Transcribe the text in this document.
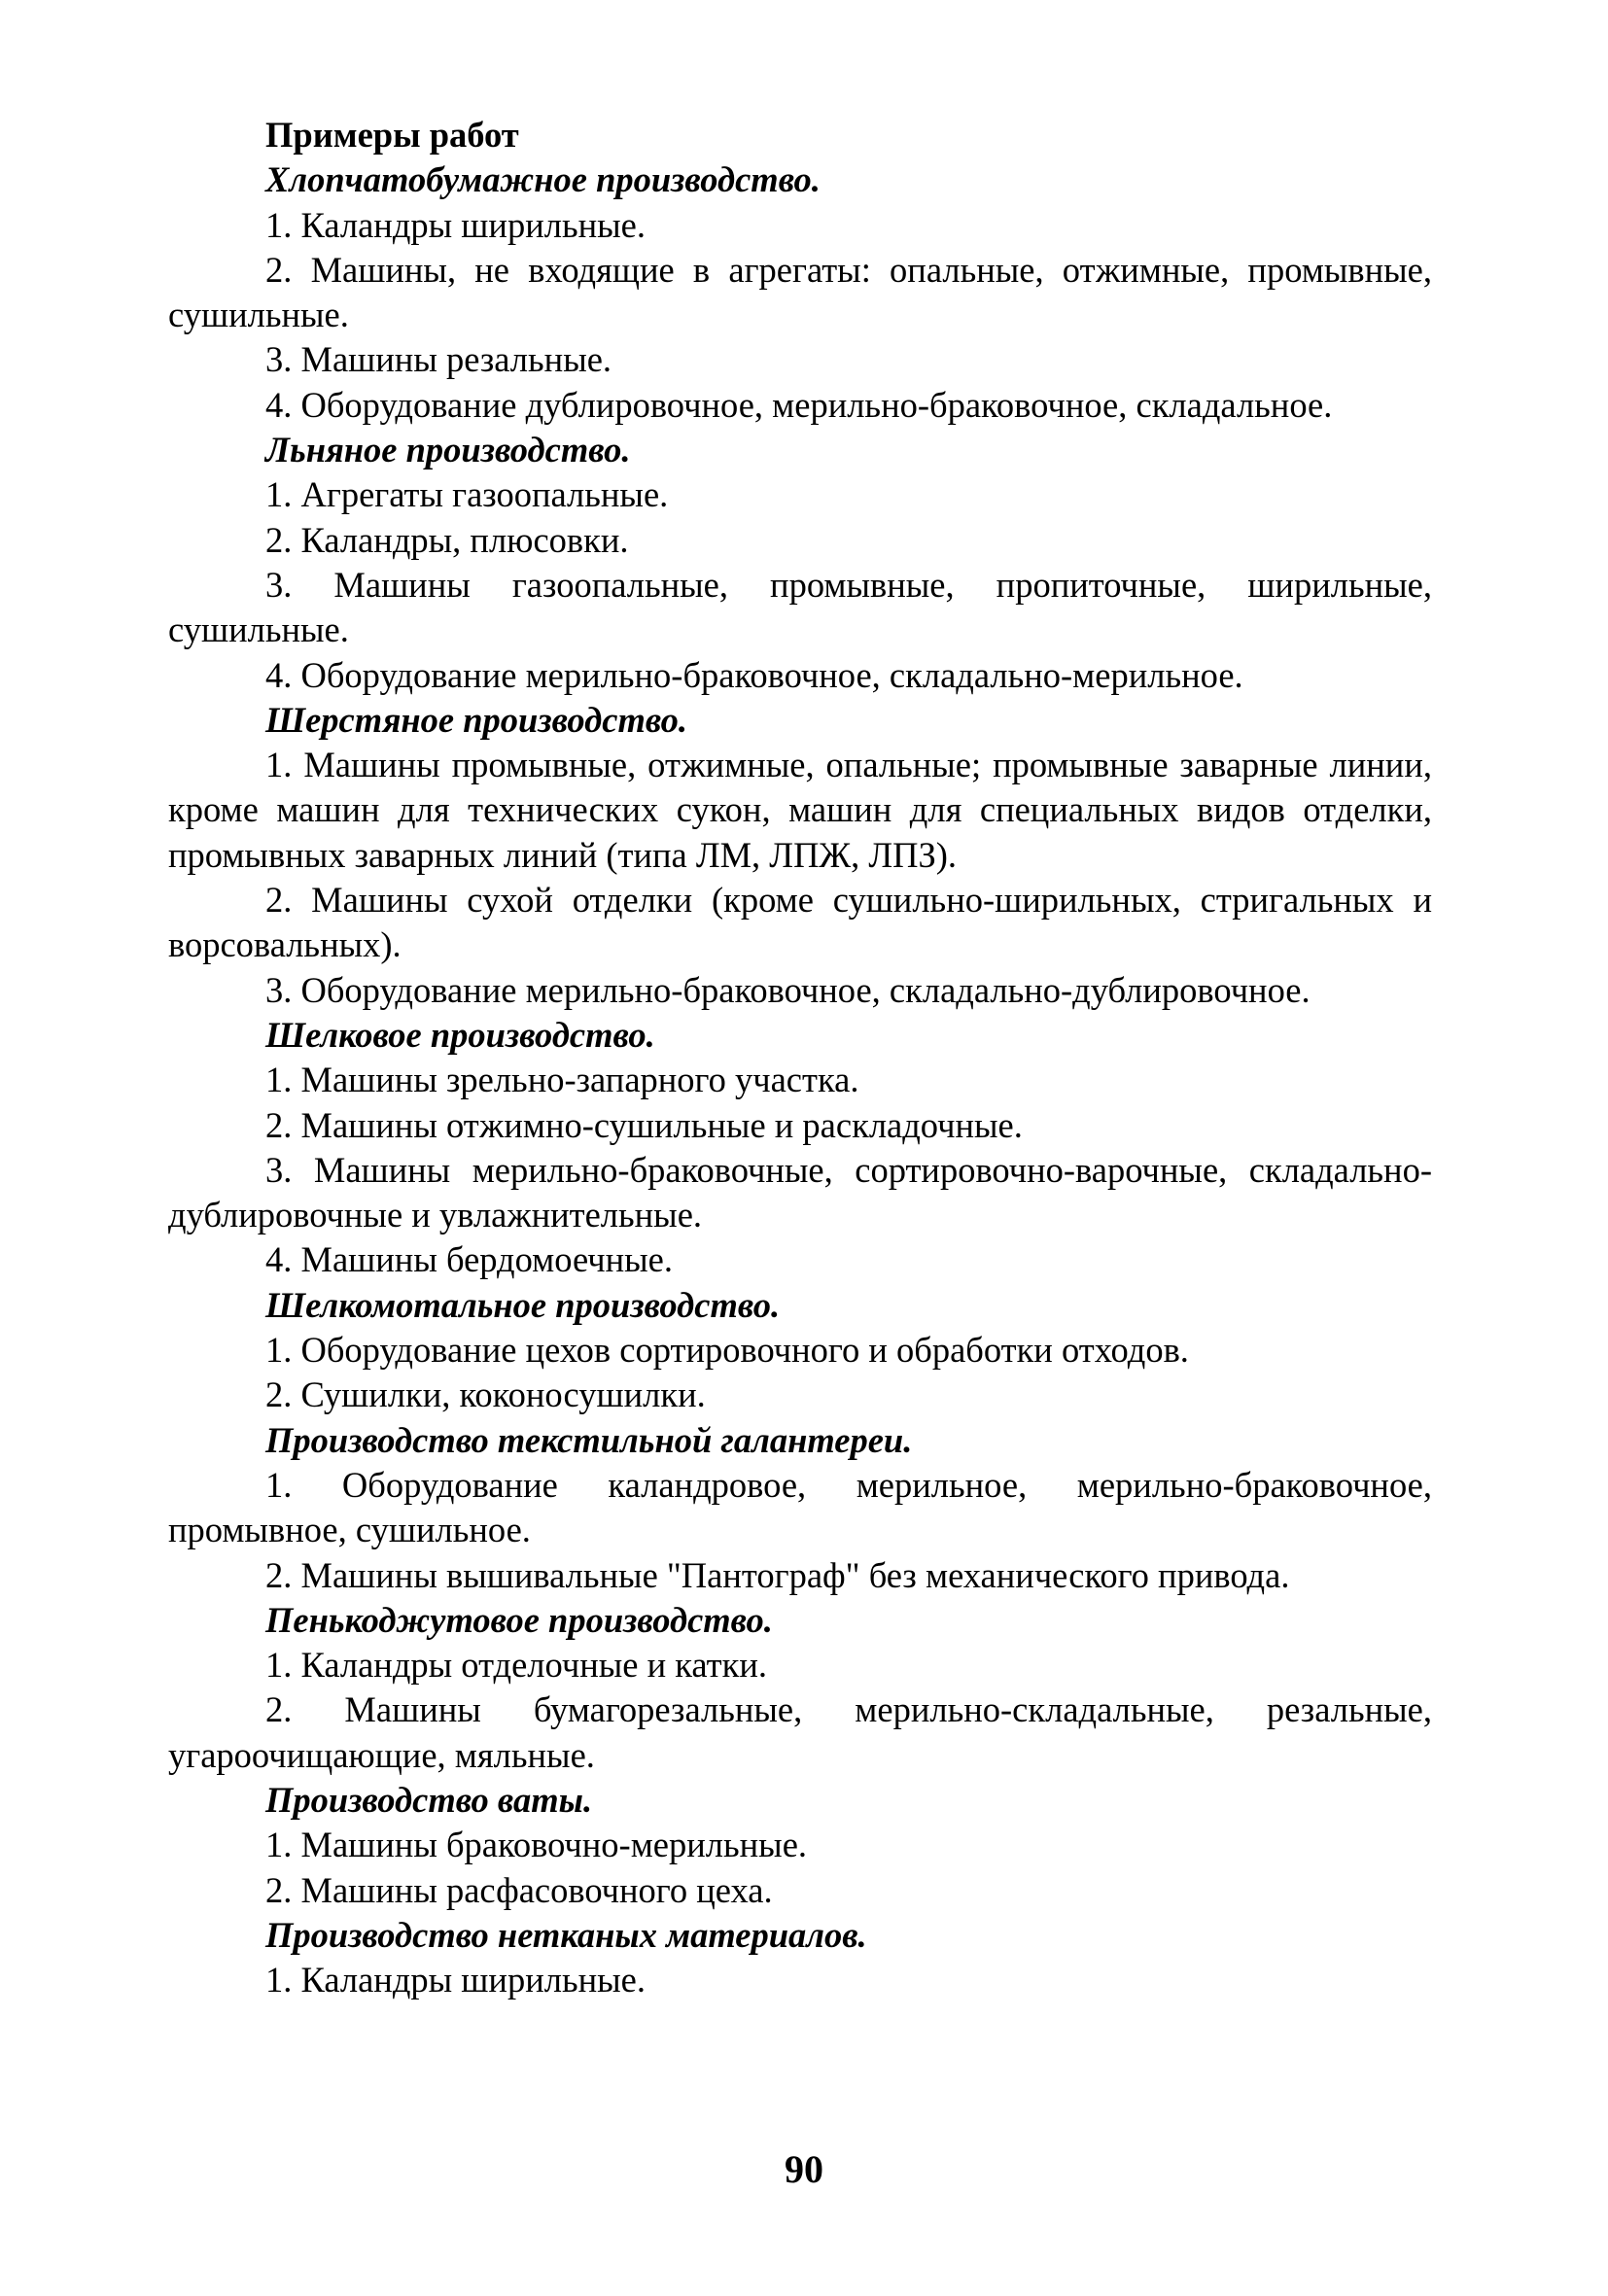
Примеры работ

Хлопчатобумажное производство.

1. Каландры ширильные.

2. Машины, не входящие в агрегаты: опальные, отжимные, промывные, сушильные.

3. Машины резальные.

4. Оборудование дублировочное, мерильно-браковочное, складальное.

Льняное производство.

1. Агрегаты газоопальные.

2. Каландры, плюсовки.

3. Машины газоопальные, промывные, пропиточные, ширильные, сушильные.

4. Оборудование мерильно-браковочное, складально-мерильное.

Шерстяное производство.

1. Машины промывные, отжимные, опальные; промывные заварные линии, кроме машин для технических сукон, машин для специальных видов отделки, промывных заварных линий (типа ЛМ, ЛПЖ, ЛПЗ).

2. Машины сухой отделки (кроме сушильно-ширильных, стригальных и ворсовальных).

3. Оборудование мерильно-браковочное, складально-дублировочное.

Шелковое производство.

1. Машины зрельно-запарного участка.

2. Машины отжимно-сушильные и раскладочные.

3. Машины мерильно-браковочные, сортировочно-варочные, складально-дублировочные и увлажнительные.

4. Машины бердомоечные.

Шелкомотальное производство.

1. Оборудование цехов сортировочного и обработки отходов.

2. Сушилки, коконосушилки.

Производство текстильной галантереи.

1. Оборудование каландровое, мерильное, мерильно-браковочное, промывное, сушильное.

2. Машины вышивальные "Пантограф" без механического привода.

Пенькоджутовое производство.

1. Каландры отделочные и катки.

2. Машины бумагорезальные, мерильно-складальные, резальные, угароочищающие, мяльные.

Производство ваты.

1. Машины браковочно-мерильные.

2. Машины расфасовочного цеха.

Производство нетканых материалов.

1. Каландры ширильные.

90
